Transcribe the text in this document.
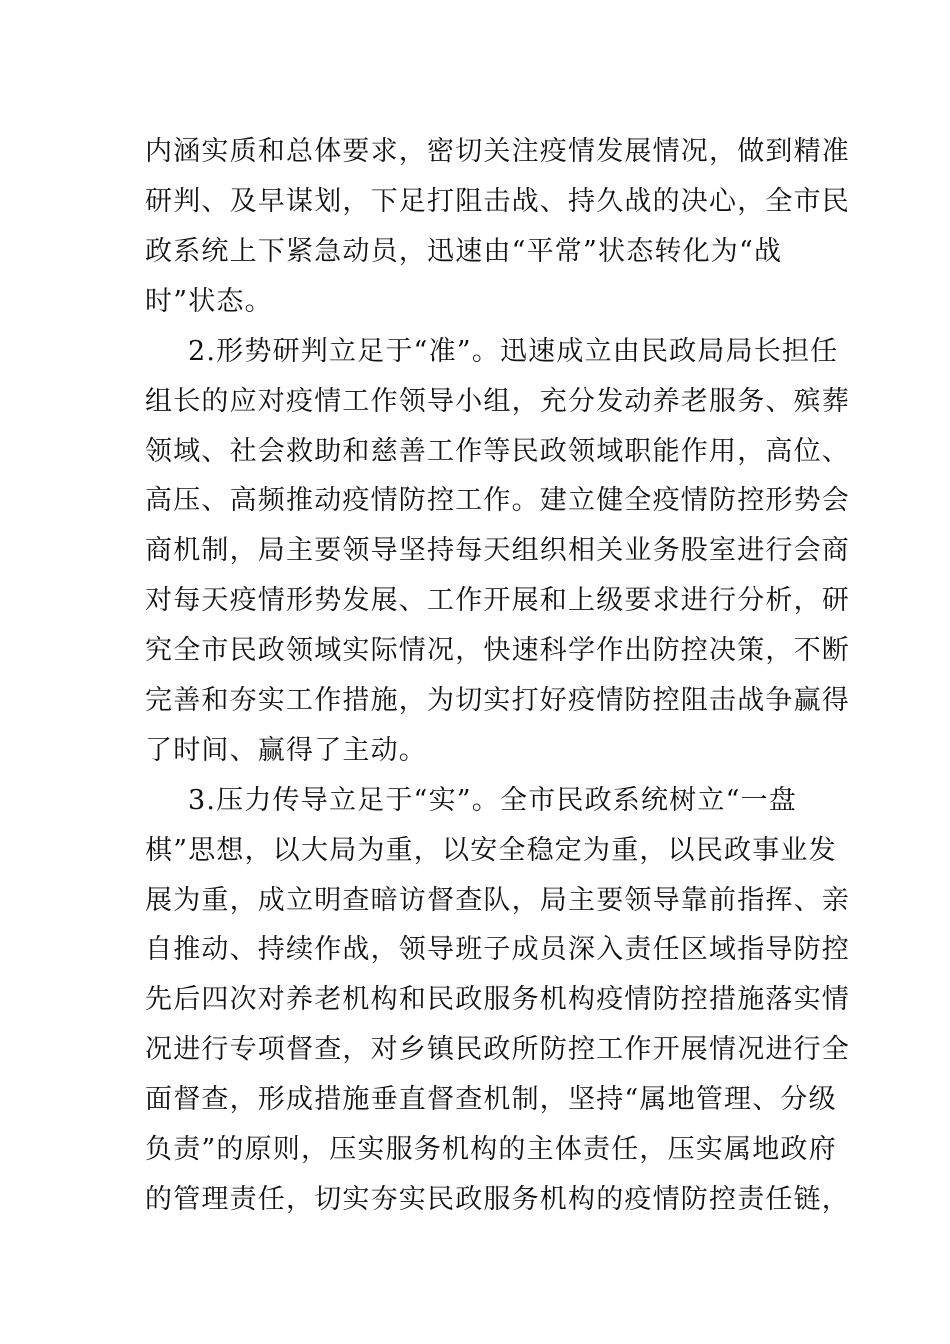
内涵实质和总体要求，密切关注疫情发展情况，做到精准
研判、及早谋划，下足打阻击战、持久战的决心，全市民
政系统上下紧急动员，迅速由“平常”状态转化为“战
时”状态。
2.形势研判立足于“准”。迅速成立由民政局局长担任
组长的应对疫情工作领导小组，充分发动养老服务、殡葬
领域、社会救助和慈善工作等民政领域职能作用，高位、
高压、高频推动疫情防控工作。建立健全疫情防控形势会
商机制，局主要领导坚持每天组织相关业务股室进行会商
对每天疫情形势发展、工作开展和上级要求进行分析，研
究全市民政领域实际情况，快速科学作出防控决策，不断
完善和夯实工作措施，为切实打好疫情防控阻击战争赢得
了时间、赢得了主动。
3.压力传导立足于“实”。全市民政系统树立“一盘
棋”思想，以大局为重，以安全稳定为重，以民政事业发
展为重，成立明查暗访督查队，局主要领导靠前指挥、亲
自推动、持续作战，领导班子成员深入责任区域指导防控
先后四次对养老机构和民政服务机构疫情防控措施落实情
况进行专项督查，对乡镇民政所防控工作开展情况进行全
面督查，形成措施垂直督查机制，坚持“属地管理、分级
负责”的原则，压实服务机构的主体责任，压实属地政府
的管理责任，切实夯实民政服务机构的疫情防控责任链，
